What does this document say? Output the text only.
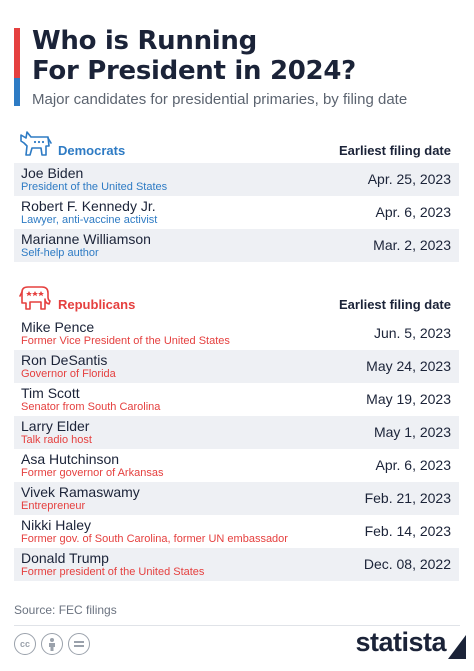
Who is Running
For President in 2024?
Major candidates for presidential primaries, by filing date
Democrats	Earliest filing date
Joe Biden
President of the United States	Apr. 25, 2023
Robert F. Kennedy Jr.
Lawyer, anti-vaccine activist	Apr. 6, 2023
Marianne Williamson
Self-help author	Mar. 2, 2023
Republicans	Earliest filing date
Mike Pence
Former Vice President of the United States	Jun. 5, 2023
Ron DeSantis
Governor of Florida	May 24, 2023
Tim Scott
Senator from South Carolina	May 19, 2023
Larry Elder
Talk radio host	May 1, 2023
Asa Hutchinson
Former governor of Arkansas	Apr. 6, 2023
Vivek Ramaswamy
Entrepreneur	Feb. 21, 2023
Nikki Haley
Former gov. of South Carolina, former UN embassador	Feb. 14, 2023
Donald Trump
Former president of the United States	Dec. 08, 2022
Source: FEC filings
cc	statista
